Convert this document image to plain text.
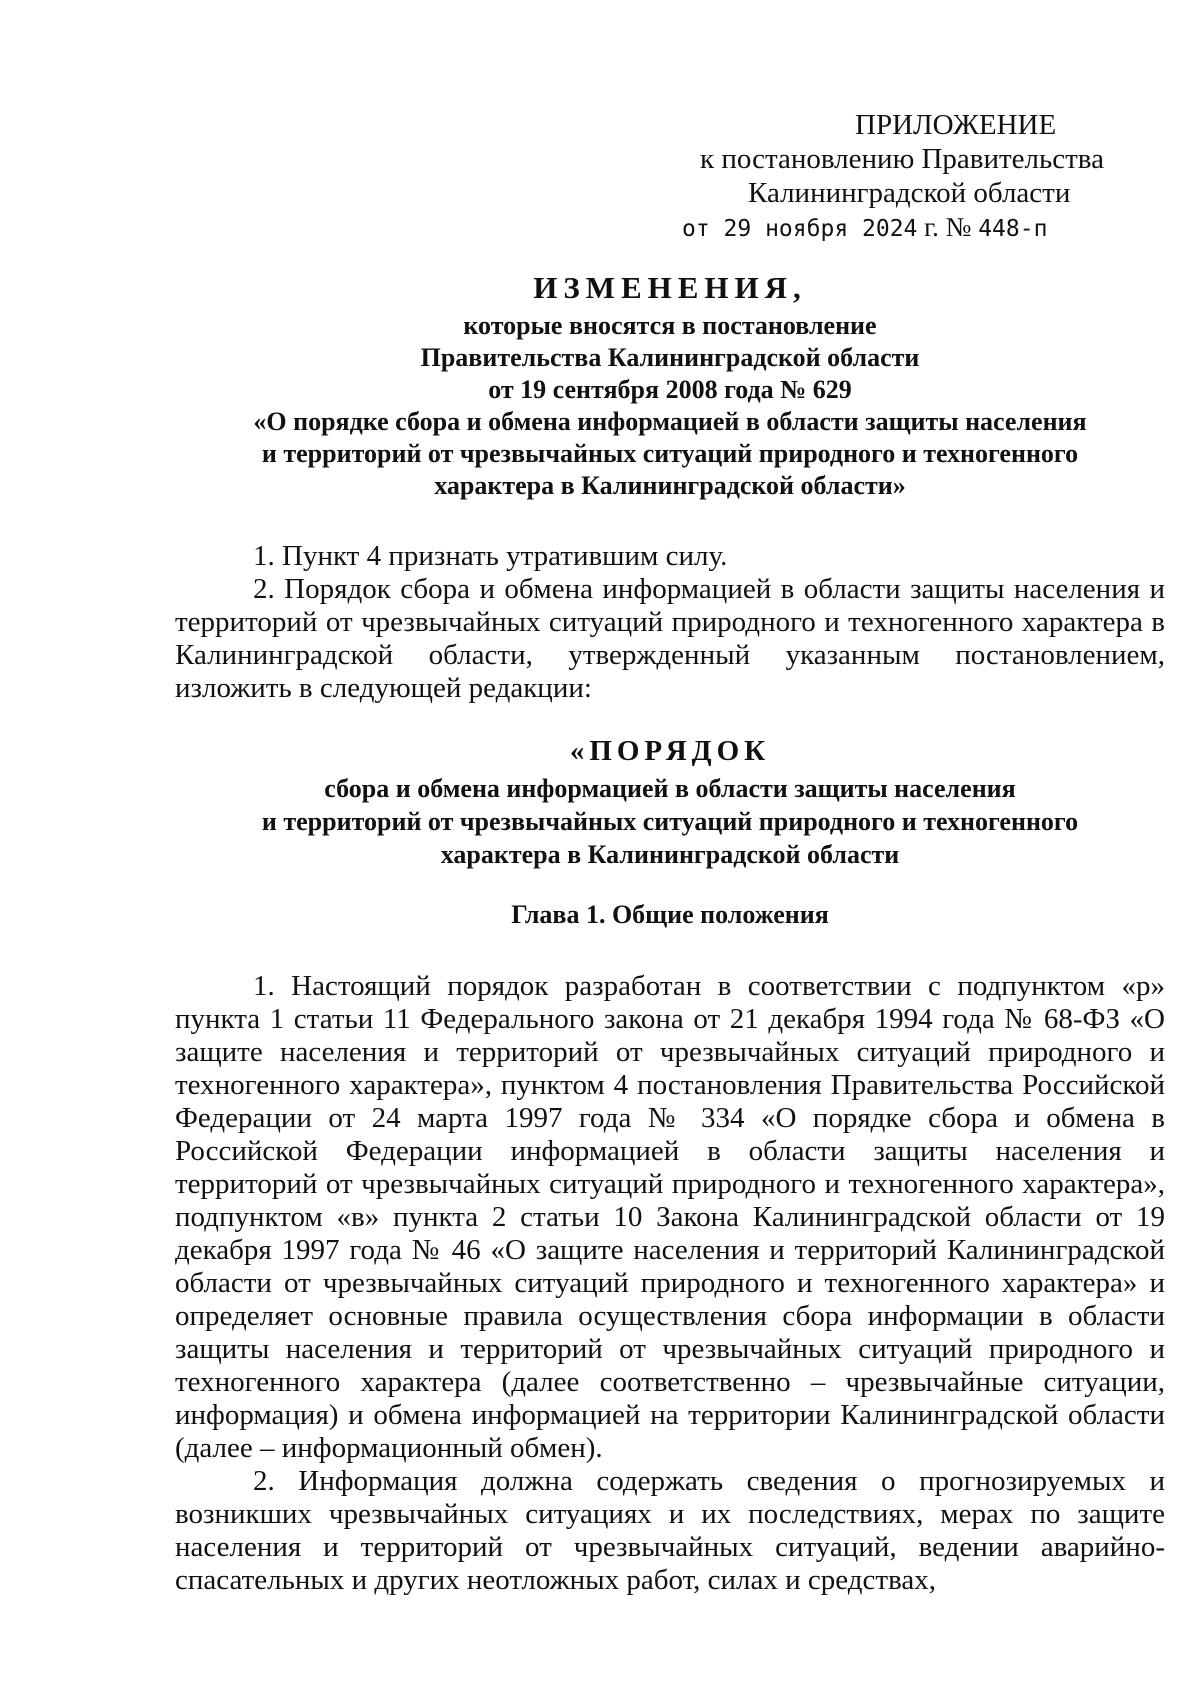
ПРИЛОЖЕНИЕ
к постановлению Правительства
Калининградской области
от 29 ноября 2024 г. № 448-п
ИЗМЕНЕНИЯ,
которые вносятся в постановление
Правительства Калининградской области
от 19 сентября 2008 года № 629
«О порядке сбора и обмена информацией в области защиты населения
и территорий от чрезвычайных ситуаций природного и техногенного
характера в Калининградской области»

1. Пункт 4 признать утратившим силу.

2. Порядок сбора и обмена информацией в области защиты населения и территорий от чрезвычайных ситуаций природного и техногенного характера в Калининградской области, утвержденный указанным постановлением, изложить в следующей редакции:

«ПОРЯДОК
сбора и обмена информацией в области защиты населения
и территорий от чрезвычайных ситуаций природного и техногенного
характера в Калининградской области
Глава 1. Общие положения

1. Настоящий порядок разработан в соответствии с подпунктом «р» пункта 1 статьи 11 Федерального закона от 21 декабря 1994 года № 68-ФЗ «О защите населения и территорий от чрезвычайных ситуаций природного и техногенного характера», пунктом 4 постановления Правительства Российской Федерации от 24 марта 1997 года № 334 «О порядке сбора и обмена в Российской Федерации информацией в области защиты населения и территорий от чрезвычайных ситуаций природного и техногенного характера», подпунктом «в» пункта 2 статьи 10 Закона Калининградской области от 19 декабря 1997 года № 46 «О защите населения и территорий Калининградской области от чрезвычайных ситуаций природного и техногенного характера» и определяет основные правила осуществления сбора информации в области защиты населения и территорий от чрезвычайных ситуаций природного и техногенного характера (далее соответственно – чрезвычайные ситуации, информация) и обмена информацией на территории Калининградской области (далее – информационный обмен).

2. Информация должна содержать сведения о прогнозируемых и возникших чрезвычайных ситуациях и их последствиях, мерах по защите населения и территорий от чрезвычайных ситуаций, ведении аварийно-спасательных и других неотложных работ, силах и средствах,
